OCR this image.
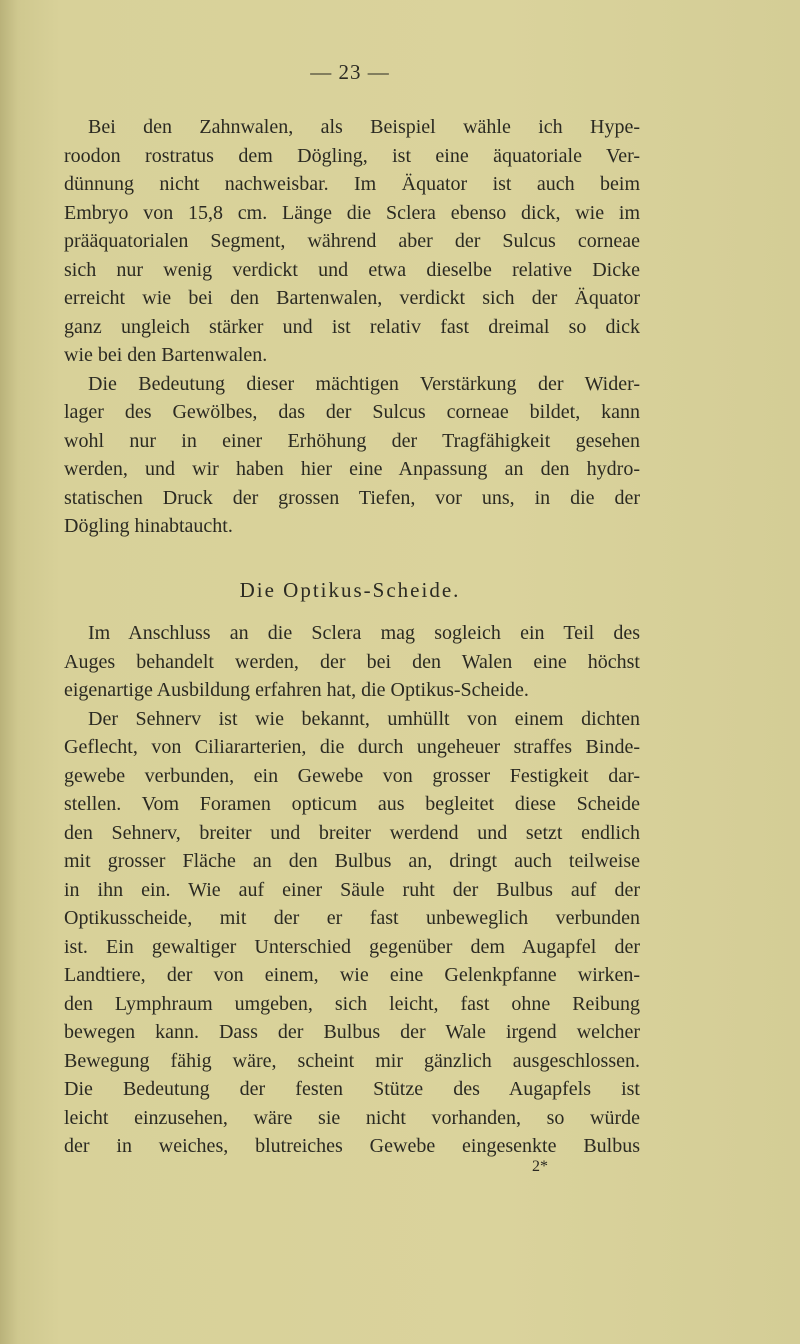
— 23 —
Bei den Zahnwalen, als Beispiel wähle ich Hype-
roodon rostratus dem Dögling, ist eine äquatoriale Ver-
dünnung nicht nachweisbar. Im Äquator ist auch beim
Embryo von 15,8 cm. Länge die Sclera ebenso dick, wie im
prääquatorialen Segment, während aber der Sulcus corneae
sich nur wenig verdickt und etwa dieselbe relative Dicke
erreicht wie bei den Bartenwalen, verdickt sich der Äquator
ganz ungleich stärker und ist relativ fast dreimal so dick
wie bei den Bartenwalen.
Die Bedeutung dieser mächtigen Verstärkung der Wider-
lager des Gewölbes, das der Sulcus corneae bildet, kann
wohl nur in einer Erhöhung der Tragfähigkeit gesehen
werden, und wir haben hier eine Anpassung an den hydro-
statischen Druck der grossen Tiefen, vor uns, in die der
Dögling hinabtaucht.
Die Optikus-Scheide.
Im Anschluss an die Sclera mag sogleich ein Teil des
Auges behandelt werden, der bei den Walen eine höchst
eigenartige Ausbildung erfahren hat, die Optikus-Scheide.
Der Sehnerv ist wie bekannt, umhüllt von einem dichten
Geflecht, von Ciliararterien, die durch ungeheuer straffes Binde-
gewebe verbunden, ein Gewebe von grosser Festigkeit dar-
stellen. Vom Foramen opticum aus begleitet diese Scheide
den Sehnerv, breiter und breiter werdend und setzt endlich
mit grosser Fläche an den Bulbus an, dringt auch teilweise
in ihn ein. Wie auf einer Säule ruht der Bulbus auf der
Optikusscheide, mit der er fast unbeweglich verbunden
ist. Ein gewaltiger Unterschied gegenüber dem Augapfel der
Landtiere, der von einem, wie eine Gelenkpfanne wirken-
den Lymphraum umgeben, sich leicht, fast ohne Reibung
bewegen kann. Dass der Bulbus der Wale irgend welcher
Bewegung fähig wäre, scheint mir gänzlich ausgeschlossen.
Die Bedeutung der festen Stütze des Augapfels ist
leicht einzusehen, wäre sie nicht vorhanden, so würde
der in weiches, blutreiches Gewebe eingesenkte Bulbus
2*
